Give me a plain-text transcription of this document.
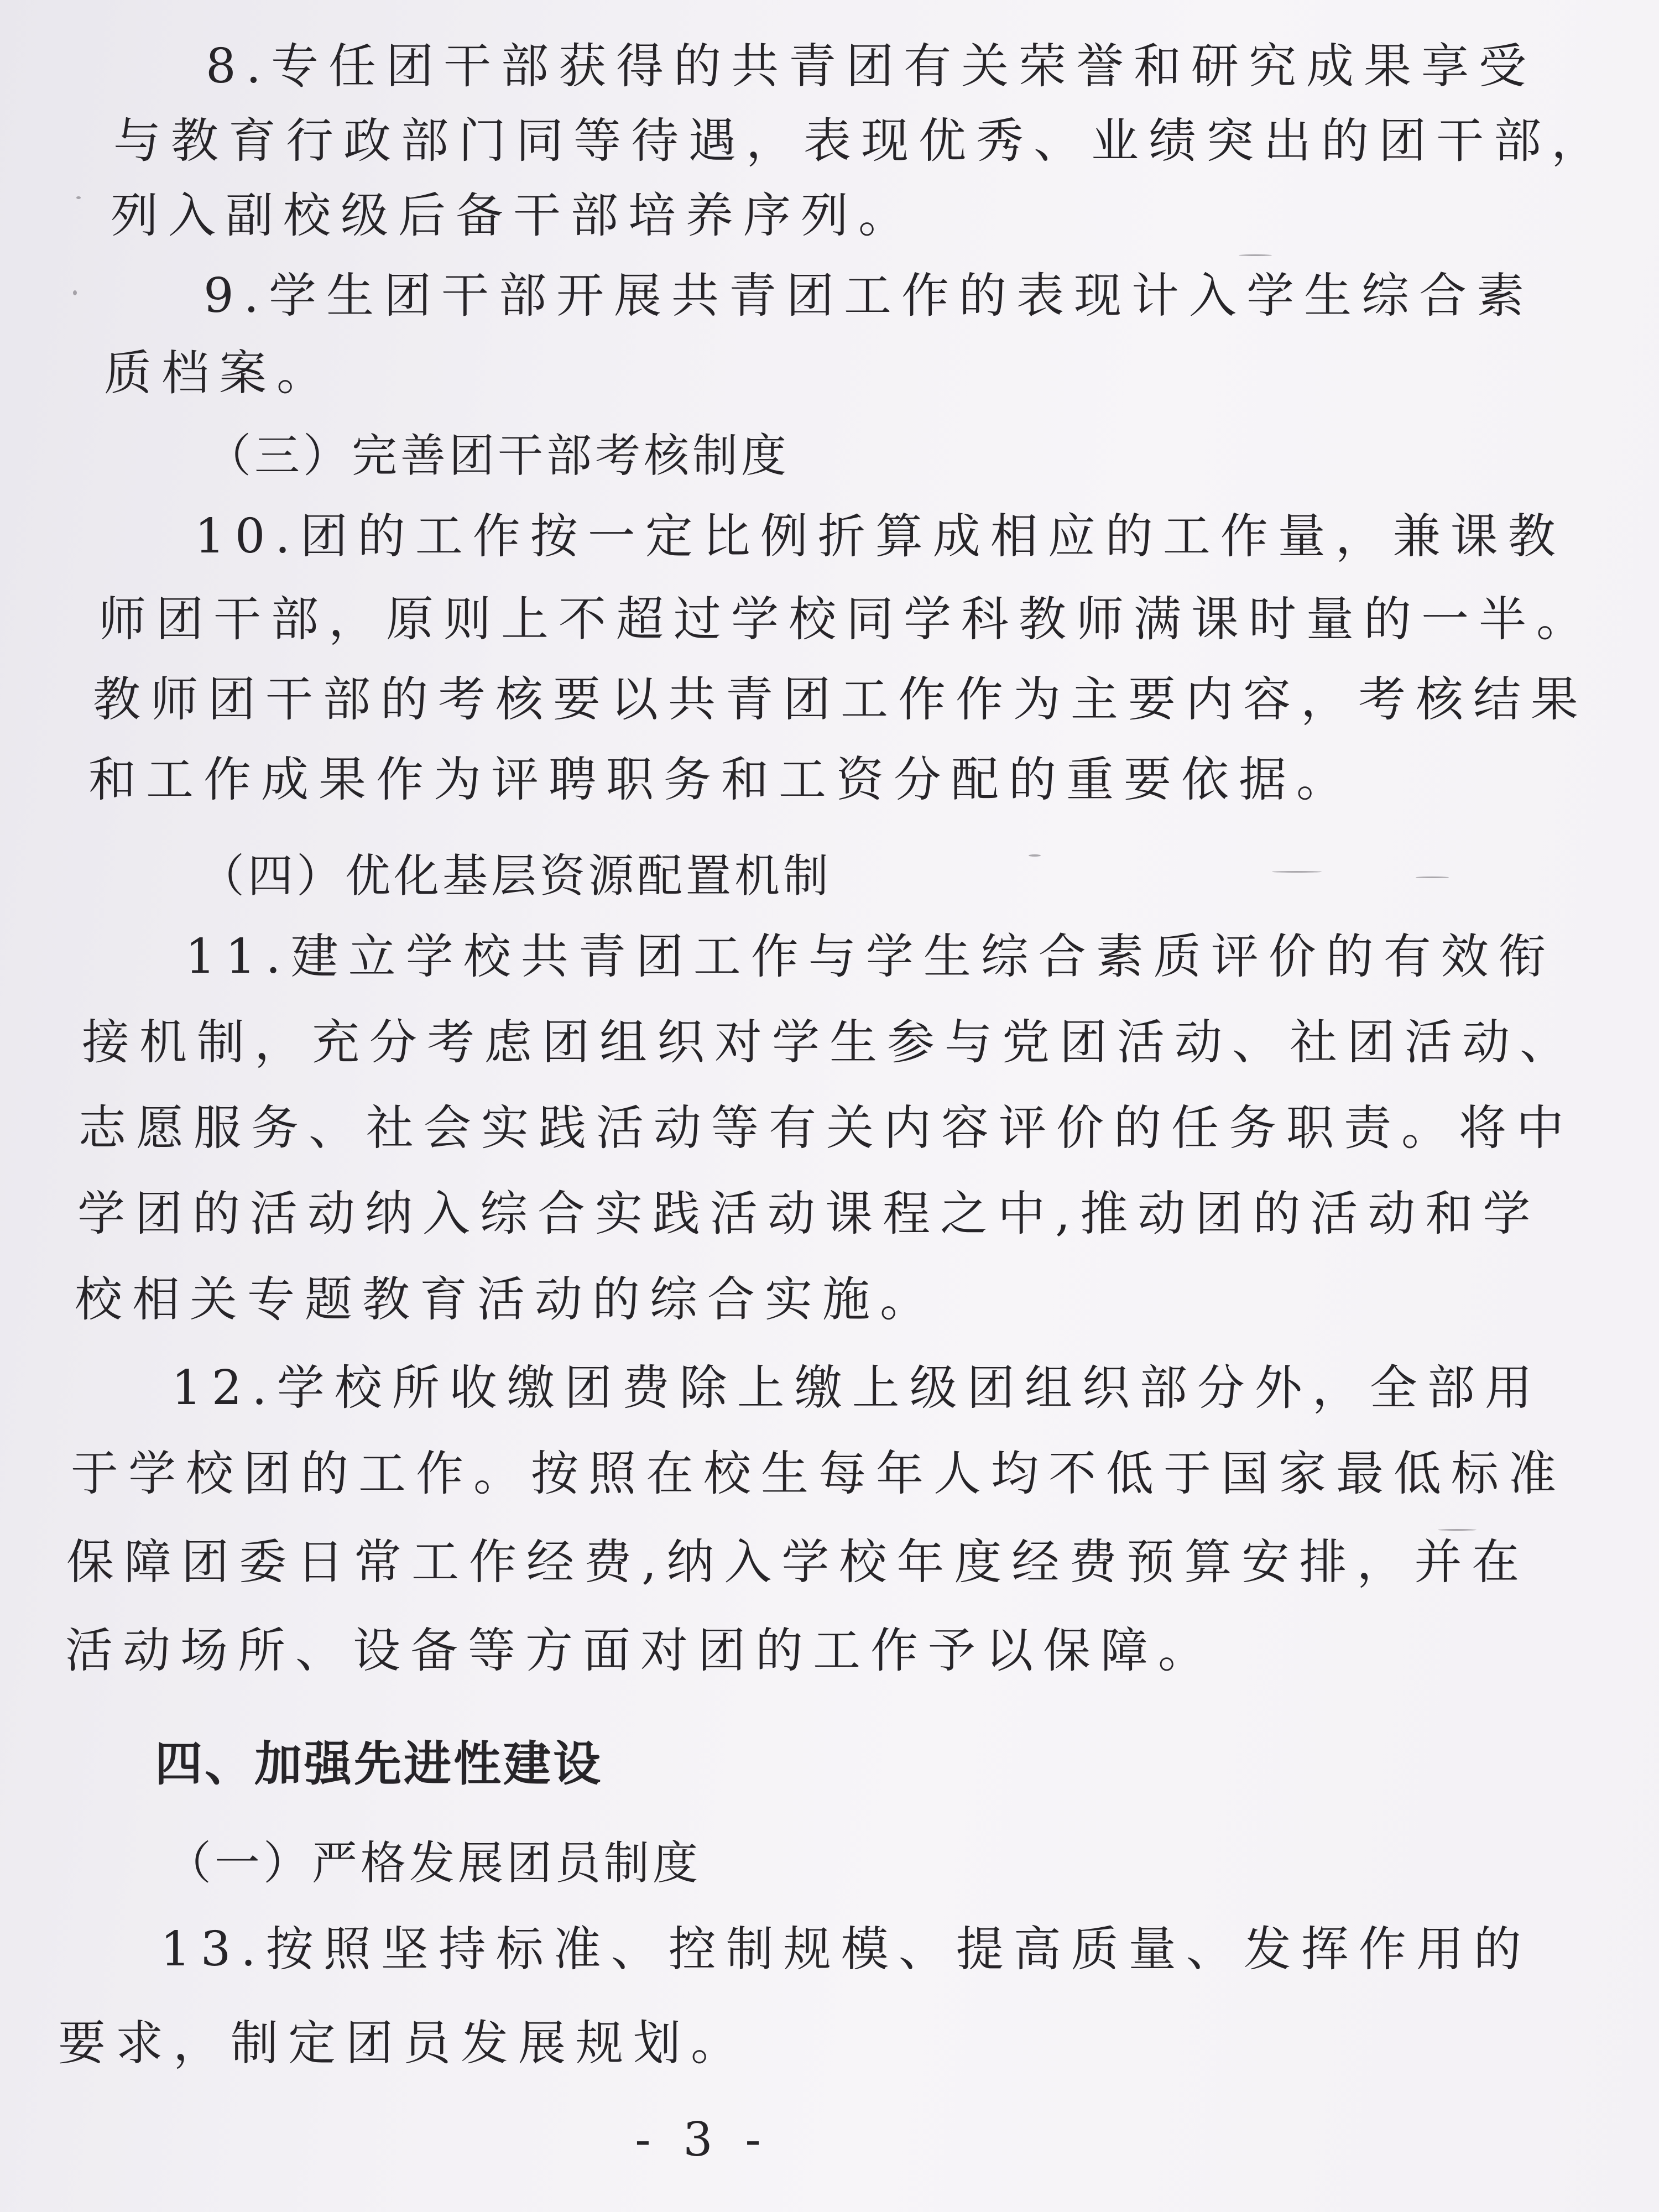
8.专任团干部获得的共青团有关荣誉和研究成果享受
与教育行政部门同等待遇，表现优秀、业绩突出的团干部，
列入副校级后备干部培养序列。
9.学生团干部开展共青团工作的表现计入学生综合素
质档案。
（三）完善团干部考核制度
10.团的工作按一定比例折算成相应的工作量，兼课教
师团干部，原则上不超过学校同学科教师满课时量的一半。
教师团干部的考核要以共青团工作作为主要内容，考核结果
和工作成果作为评聘职务和工资分配的重要依据。
（四）优化基层资源配置机制
11.建立学校共青团工作与学生综合素质评价的有效衔
接机制，充分考虑团组织对学生参与党团活动、社团活动、
志愿服务、社会实践活动等有关内容评价的任务职责。将中
学团的活动纳入综合实践活动课程之中,推动团的活动和学
校相关专题教育活动的综合实施。
12.学校所收缴团费除上缴上级团组织部分外，全部用
于学校团的工作。按照在校生每年人均不低于国家最低标准
保障团委日常工作经费,纳入学校年度经费预算安排，并在
活动场所、设备等方面对团的工作予以保障。
四、加强先进性建设
（一）严格发展团员制度
13.按照坚持标准、控制规模、提高质量、发挥作用的
要求，制定团员发展规划。
- 3 -
